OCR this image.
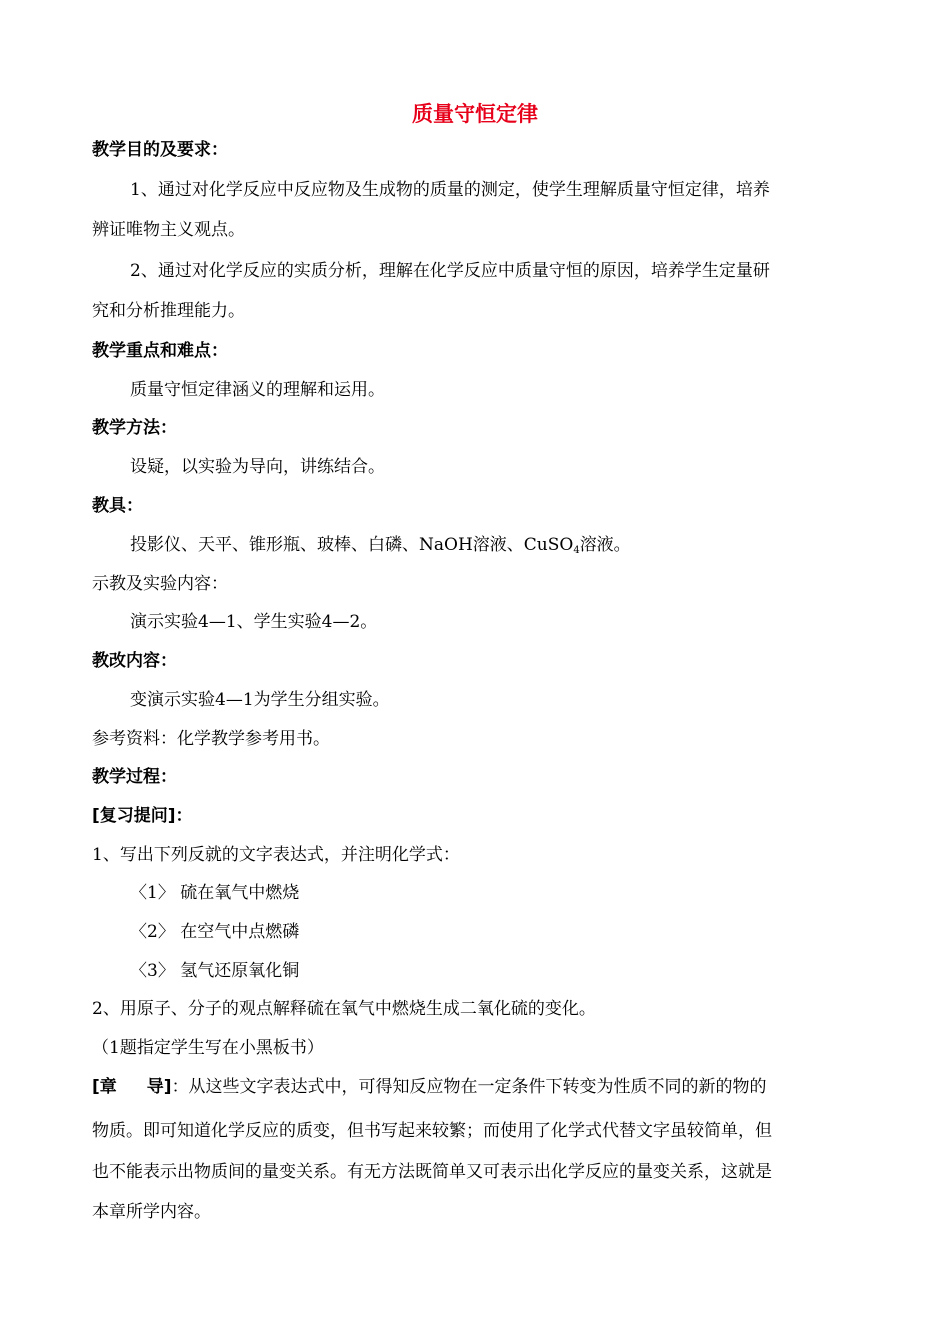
质量守恒定律
教学目的及要求：
1、通过对化学反应中反应物及生成物的质量的测定，使学生理解质量守恒定律，培养
辨证唯物主义观点。
2、通过对化学反应的实质分析，理解在化学反应中质量守恒的原因，培养学生定量研
究和分析推理能力。
教学重点和难点：
质量守恒定律涵义的理解和运用。
教学方法：
设疑，以实验为导向，讲练结合。
教具：
投影仪、天平、锥形瓶、玻棒、白磷、NaOH溶液、CuSO$_4$溶液。
示教及实验内容：
演示实验4—1、学生实验4—2。
教改内容：
变演示实验4—1为学生分组实验。
参考资料：化学教学参考用书。
教学过程：
[复习提问]：
1、写出下列反就的文字表达式，并注明化学式：
〈1〉 硫在氧气中燃烧
〈2〉 在空气中点燃磷
〈3〉 氢气还原氧化铜
2、用原子、分子的观点解释硫在氧气中燃烧生成二氧化硫的变化。
（1题指定学生写在小黑板书）
[章 导]：从这些文字表达式中，可得知反应物在一定条件下转变为性质不同的新的物的
物质。即可知道化学反应的质变，但书写起来较繁；而使用了化学式代替文字虽较简单，但
也不能表示出物质间的量变关系。有无方法既简单又可表示出化学反应的量变关系，这就是
本章所学内容。
